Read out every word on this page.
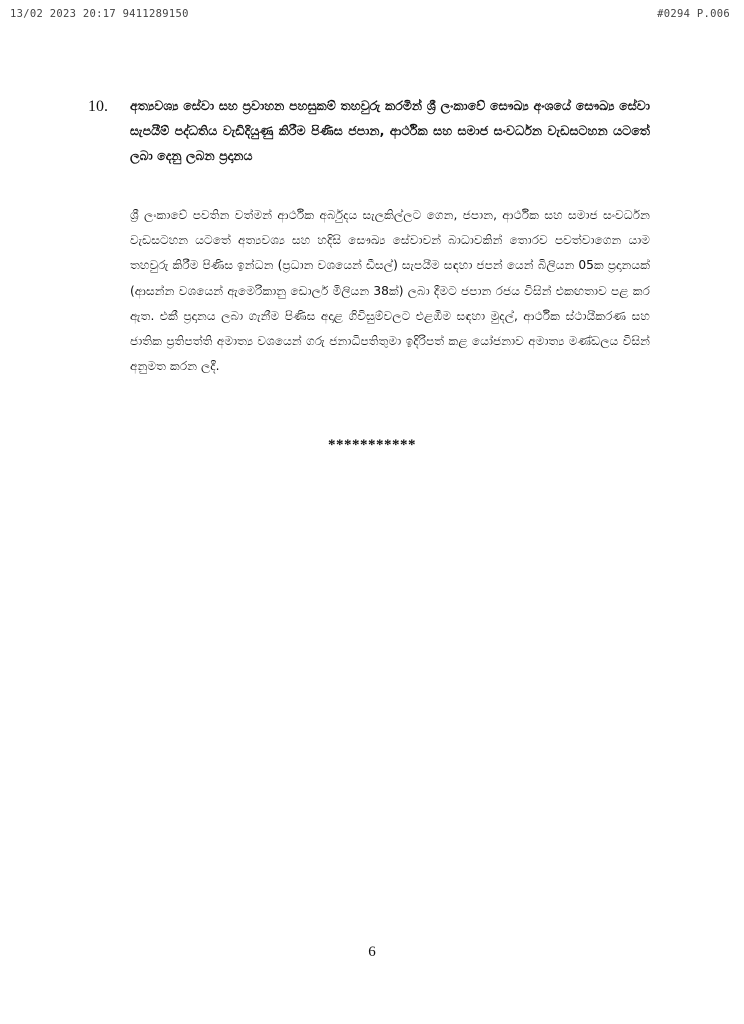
13/02 2023 20:17 9411289150	#0294 P.006
10. අත්‍යවශ්‍ය සේවා සහ ප්‍රවාහන පහසුකම් තහවුරු කරමින් ශ්‍රී ලංකාවේ සෞඛ්‍ය අංශයේ සෞඛ්‍ය සේවා සැපයීම් පද්ධතිය වැඩිදියුණු කිරීම පිණිස ජපාන, ආර්ථික සහ සමාජ සංවර්ධන වැඩසටහන යටතේ ලබා දෙනු ලබන ප්‍රදානය
ශ්‍රී ලංකාවේ පවතින වත්මන් ආර්ථික අර්බුදය සැලකිල්ලට ගෙන, ජපාන, ආර්ථික සහ සමාජ සංවර්ධන වැඩසටහන යටතේ අත්‍යවශ්‍ය සහ හදිසි සෞඛ්‍ය සේවාවන් බාධාවකින් තොරව පවත්වාගෙන යාම තහවුරු කිරීම පිණිස ඉන්ධන (ප්‍රධාන වශයෙන් ඩීසල්) සැපයීම සඳහා ජපන් යෙන් බිලියන 05ක ප්‍රදානයක් (ආසන්න වශයෙන් ඇමෙරිකානු ඩොලර් මිලියන 38ක්) ලබා දීමට ජපාන රජය විසින් එකඟතාව පළ කර ඇත. එකී ප්‍රදානය ලබා ගැනීම පිණිස අදාළ ගිවිසුම්වලට එළඹීම සඳහා මුදල්, ආර්ථික ස්ථායීකරණ සහ ජාතික ප්‍රතිපත්ති අමාත්‍ය වශයෙන් ගරු ජනාධිපතිතුමා ඉදිරිපත් කළ යෝජනාව අමාත්‍ය මණ්ඩලය විසින් අනුමත කරන ලදී.
***********
6
